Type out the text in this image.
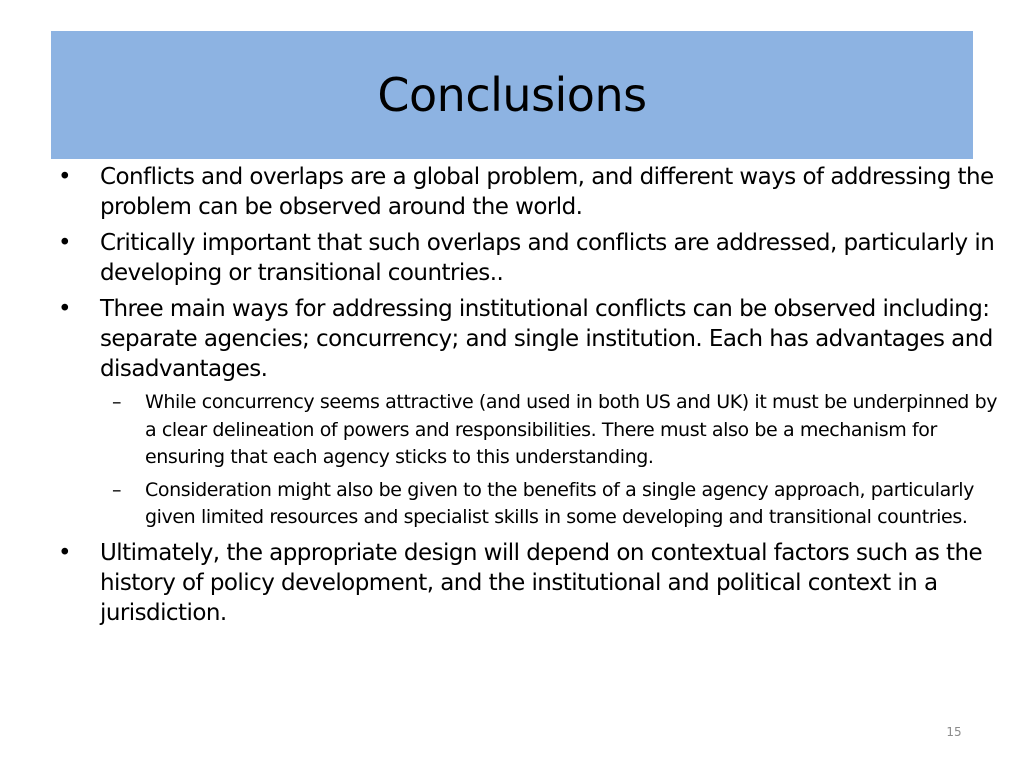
Conclusions
• Conflicts and overlaps are a global problem, and different ways of addressing the problem can be observed around the world.
• Critically important that such overlaps and conflicts are addressed, particularly in developing or transitional countries..
• Three main ways for addressing institutional conflicts can be observed including: separate agencies; concurrency; and single institution. Each has advantages and disadvantages.
– While concurrency seems attractive (and used in both US and UK) it must be underpinned by a clear delineation of powers and responsibilities. There must also be a mechanism for ensuring that each agency sticks to this understanding.
– Consideration might also be given to the benefits of a single agency approach, particularly given limited resources and specialist skills in some developing and transitional countries.
• Ultimately, the appropriate design will depend on contextual factors such as the history of policy development, and the institutional and political context in a jurisdiction.
15
